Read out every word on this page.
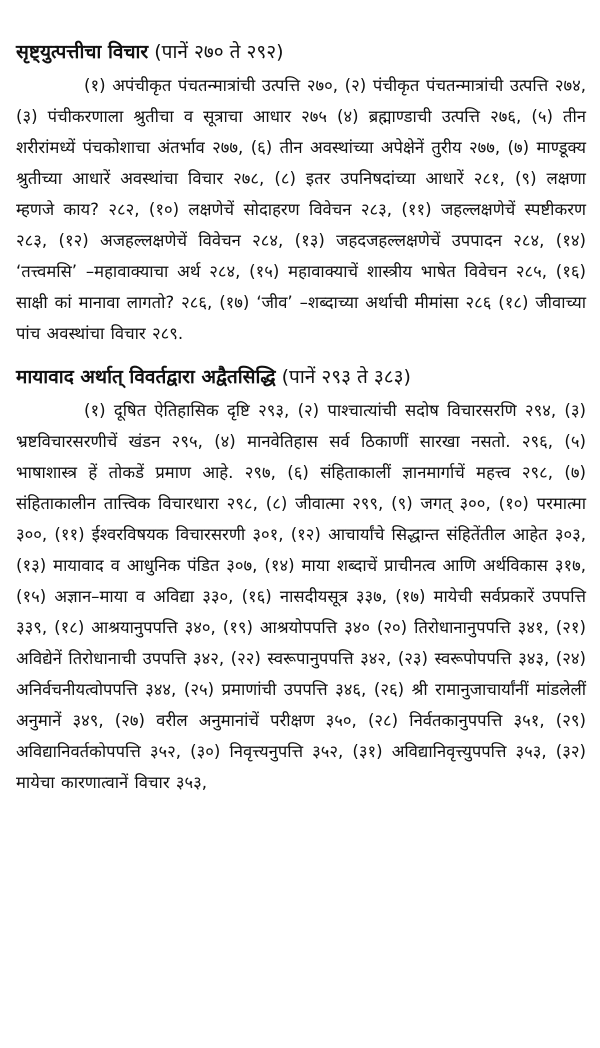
सृष्ट्युत्पत्तीचा विचार (पानें २७० ते २९२)

(१) अपंचीकृत पंचतन्मात्रांची उत्पत्ति २७०, (२) पंचीकृत पंचतन्मात्रांची उत्पत्ति २७४, (३) पंचीकरणाला श्रुतीचा व सूत्राचा आधार २७५ (४) ब्रह्माण्डाची उत्पत्ति २७६, (५) तीन शरीरांमध्यें पंचकोशाचा अंतर्भाव २७७, (६) तीन अवस्थांच्या अपेक्षेनें तुरीय २७७, (७) माण्डूक्य श्रुतीच्या आधारें अवस्थांचा विचार २७८, (८) इतर उपनिषदांच्या आधारें २८१, (९) लक्षणा म्हणजे काय? २८२, (१०) लक्षणेचें सोदाहरण विवेचन २८३, (११) जहल्लक्षणेचें स्पष्टीकरण २८३, (१२) अजहल्लक्षणेचें विवेचन २८४, (१३) जहदजहल्लक्षणेचें उपपादन २८४, (१४) ‘तत्त्वमसि’ –महावाक्याचा अर्थ २८४, (१५) महावाक्याचें शास्त्रीय भाषेत विवेचन २८५, (१६) साक्षी कां मानावा लागतो? २८६, (१७) ‘जीव’ –शब्दाच्या अर्थाची मीमांसा २८६ (१८) जीवाच्या पांच अवस्थांचा विचार २८९.

मायावाद अर्थात् विवर्तद्वारा अद्वैतसिद्धि (पानें २९३ ते ३८३)

(१) दूषित ऐतिहासिक दृष्टि २९३, (२) पाश्चात्यांची सदोष विचारसरणि २९४, (३) भ्रष्टविचारसरणीचें खंडन २९५, (४) मानवेतिहास सर्व ठिकाणीं सारखा नसतो. २९६, (५) भाषाशास्त्र हें तोकडें प्रमाण आहे. २९७, (६) संहिताकालीं ज्ञानमार्गाचें महत्त्व २९८, (७) संहिताकालीन तात्त्विक विचारधारा २९८, (८) जीवात्मा २९९, (९) जगत् ३००, (१०) परमात्मा ३००, (११) ईश्वरविषयक विचारसरणी ३०१, (१२) आचार्यांचे सिद्धान्त संहितेंतील आहेत ३०३, (१३) मायावाद व आधुनिक पंडित ३०७, (१४) माया शब्दाचें प्राचीनत्व आणि अर्थविकास ३१७, (१५) अज्ञान–माया व अविद्या ३३०, (१६) नासदीयसूत्र ३३७, (१७) मायेची सर्वप्रकारें उपपत्ति ३३९, (१८) आश्रयानुपपत्ति ३४०, (१९) आश्रयोपपत्ति ३४० (२०) तिरोधानानुपपत्ति ३४१, (२१) अविद्येनें तिरोधानाची उपपत्ति ३४२, (२२) स्वरूपानुपपत्ति ३४२, (२३) स्वरूपोपपत्ति ३४३, (२४) अनिर्वचनीयत्वोपपत्ति ३४४, (२५) प्रमाणांची उपपत्ति ३४६, (२६) श्री रामानुजाचार्यांनीं मांडलेलीं अनुमानें ३४९, (२७) वरील अनुमानांचें परीक्षण ३५०, (२८) निर्वतकानुपपत्ति ३५१, (२९) अविद्यानिवर्तकोपपत्ति ३५२, (३०) निवृत्त्यनुपत्ति ३५२, (३१) अविद्यानिवृत्त्युपपत्ति ३५३, (३२) मायेचा कारणात्वानें विचार ३५३,
